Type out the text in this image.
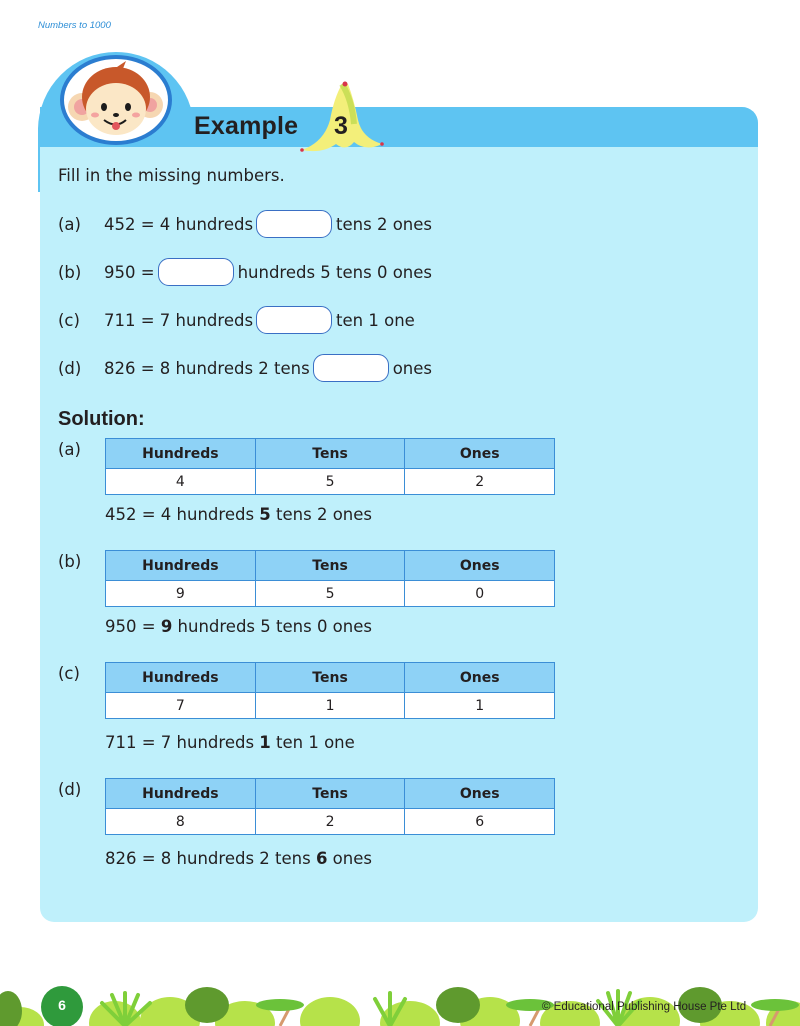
Numbers to 1000
Example 3
Fill in the missing numbers.
(a)	452 = 4 hundreds	tens 2 ones
(b)	950 =	hundreds 5 tens 0 ones
(c)	711 = 7 hundreds	ten 1 one
(d)	826 = 8 hundreds 2 tens	ones
Solution:
(a)	Hundreds	Tens	Ones
4	5	2
452 = 4 hundreds 5 tens 2 ones
(b)	Hundreds	Tens	Ones
9	5	0
950 = 9 hundreds 5 tens 0 ones
(c)	Hundreds	Tens	Ones
7	1	1
711 = 7 hundreds 1 ten 1 one
(d)	Hundreds	Tens	Ones
8	2	6
826 = 8 hundreds 2 tens 6 ones
6	© Educational Publishing House Pte Ltd
